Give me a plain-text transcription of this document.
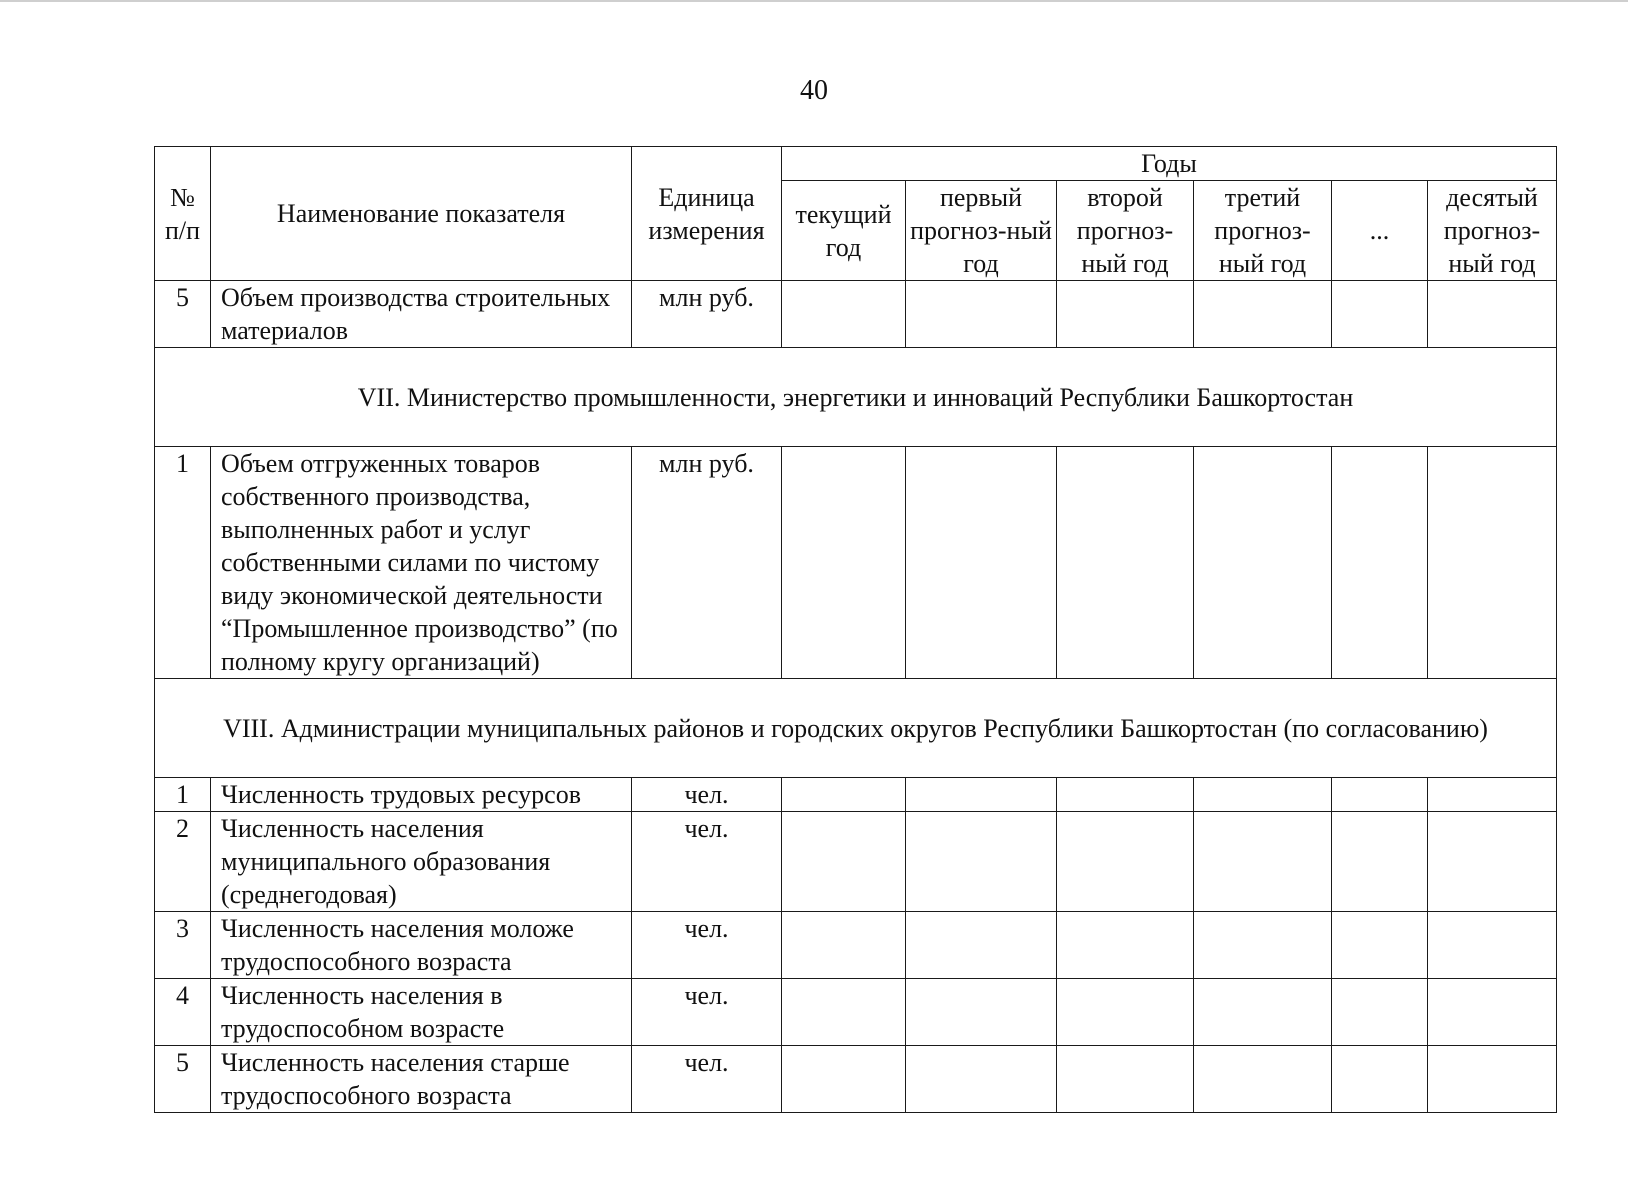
40
№ п/п	Наименование показателя	Единица измерения	Годы					
			текущий год	первый прогноз-ный год	второй прогноз-ный год	третий прогноз-ный год	...	десятый прогноз-ный год
5	Объем производства строительных материалов	млн руб.						
VII. Министерство промышленности, энергетики и инноваций Республики Башкортостан								
1	Объем отгруженных товаров собственного производства, выполненных работ и услуг собственными силами по чистому виду экономической деятельности “Промышленное производство” (по полному кругу организаций)	млн руб.						
VIII. Администрации муниципальных районов и городских округов Республики Башкортостан (по согласованию)								
1	Численность трудовых ресурсов	чел.						
2	Численность населения муниципального образования (среднегодовая)	чел.						
3	Численность населения моложе трудоспособного возраста	чел.						
4	Численность населения в трудоспособном возрасте	чел.						
5	Численность населения старше трудоспособного возраста	чел.						
